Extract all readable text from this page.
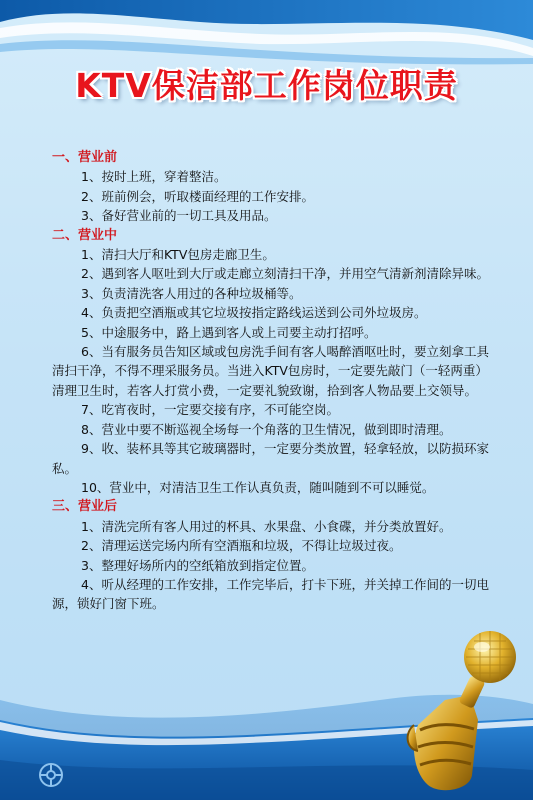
KTV保洁部工作岗位职责
一、营业前
1、按时上班，穿着整洁。
2、班前例会，听取楼面经理的工作安排。
3、备好营业前的一切工具及用品。
二、营业中
1、清扫大厅和KTV包房走廊卫生。
2、遇到客人呕吐到大厅或走廊立刻清扫干净，并用空气清新剂清除异味。
3、负责清洗客人用过的各种垃圾桶等。
4、负责把空酒瓶或其它垃圾按指定路线运送到公司外垃圾房。
5、中途服务中，路上遇到客人或上司要主动打招呼。
6、当有服务员告知区域或包房洗手间有客人喝醉酒呕吐时，要立刻拿工具清扫干净，不得不理采服务员。当进入KTV包房时，一定要先敲门（一轻两重）清理卫生时，若客人打赏小费，一定要礼貌致谢，拾到客人物品要上交领导。
7、吃宵夜时，一定要交接有序，不可能空岗。
8、营业中要不断巡视全场每一个角落的卫生情况，做到即时清理。
9、收、装杯具等其它玻璃器时，一定要分类放置，轻拿轻放，以防损环家私。
10、营业中，对清洁卫生工作认真负责，随叫随到不可以睡觉。
三、营业后
1、清洗完所有客人用过的杯具、水果盘、小食碟，并分类放置好。
2、清理运送完场内所有空酒瓶和垃圾，不得让垃圾过夜。
3、整理好场所内的空纸箱放到指定位置。
4、听从经理的工作安排，工作完毕后，打卡下班，并关掉工作间的一切电源，锁好门窗下班。
